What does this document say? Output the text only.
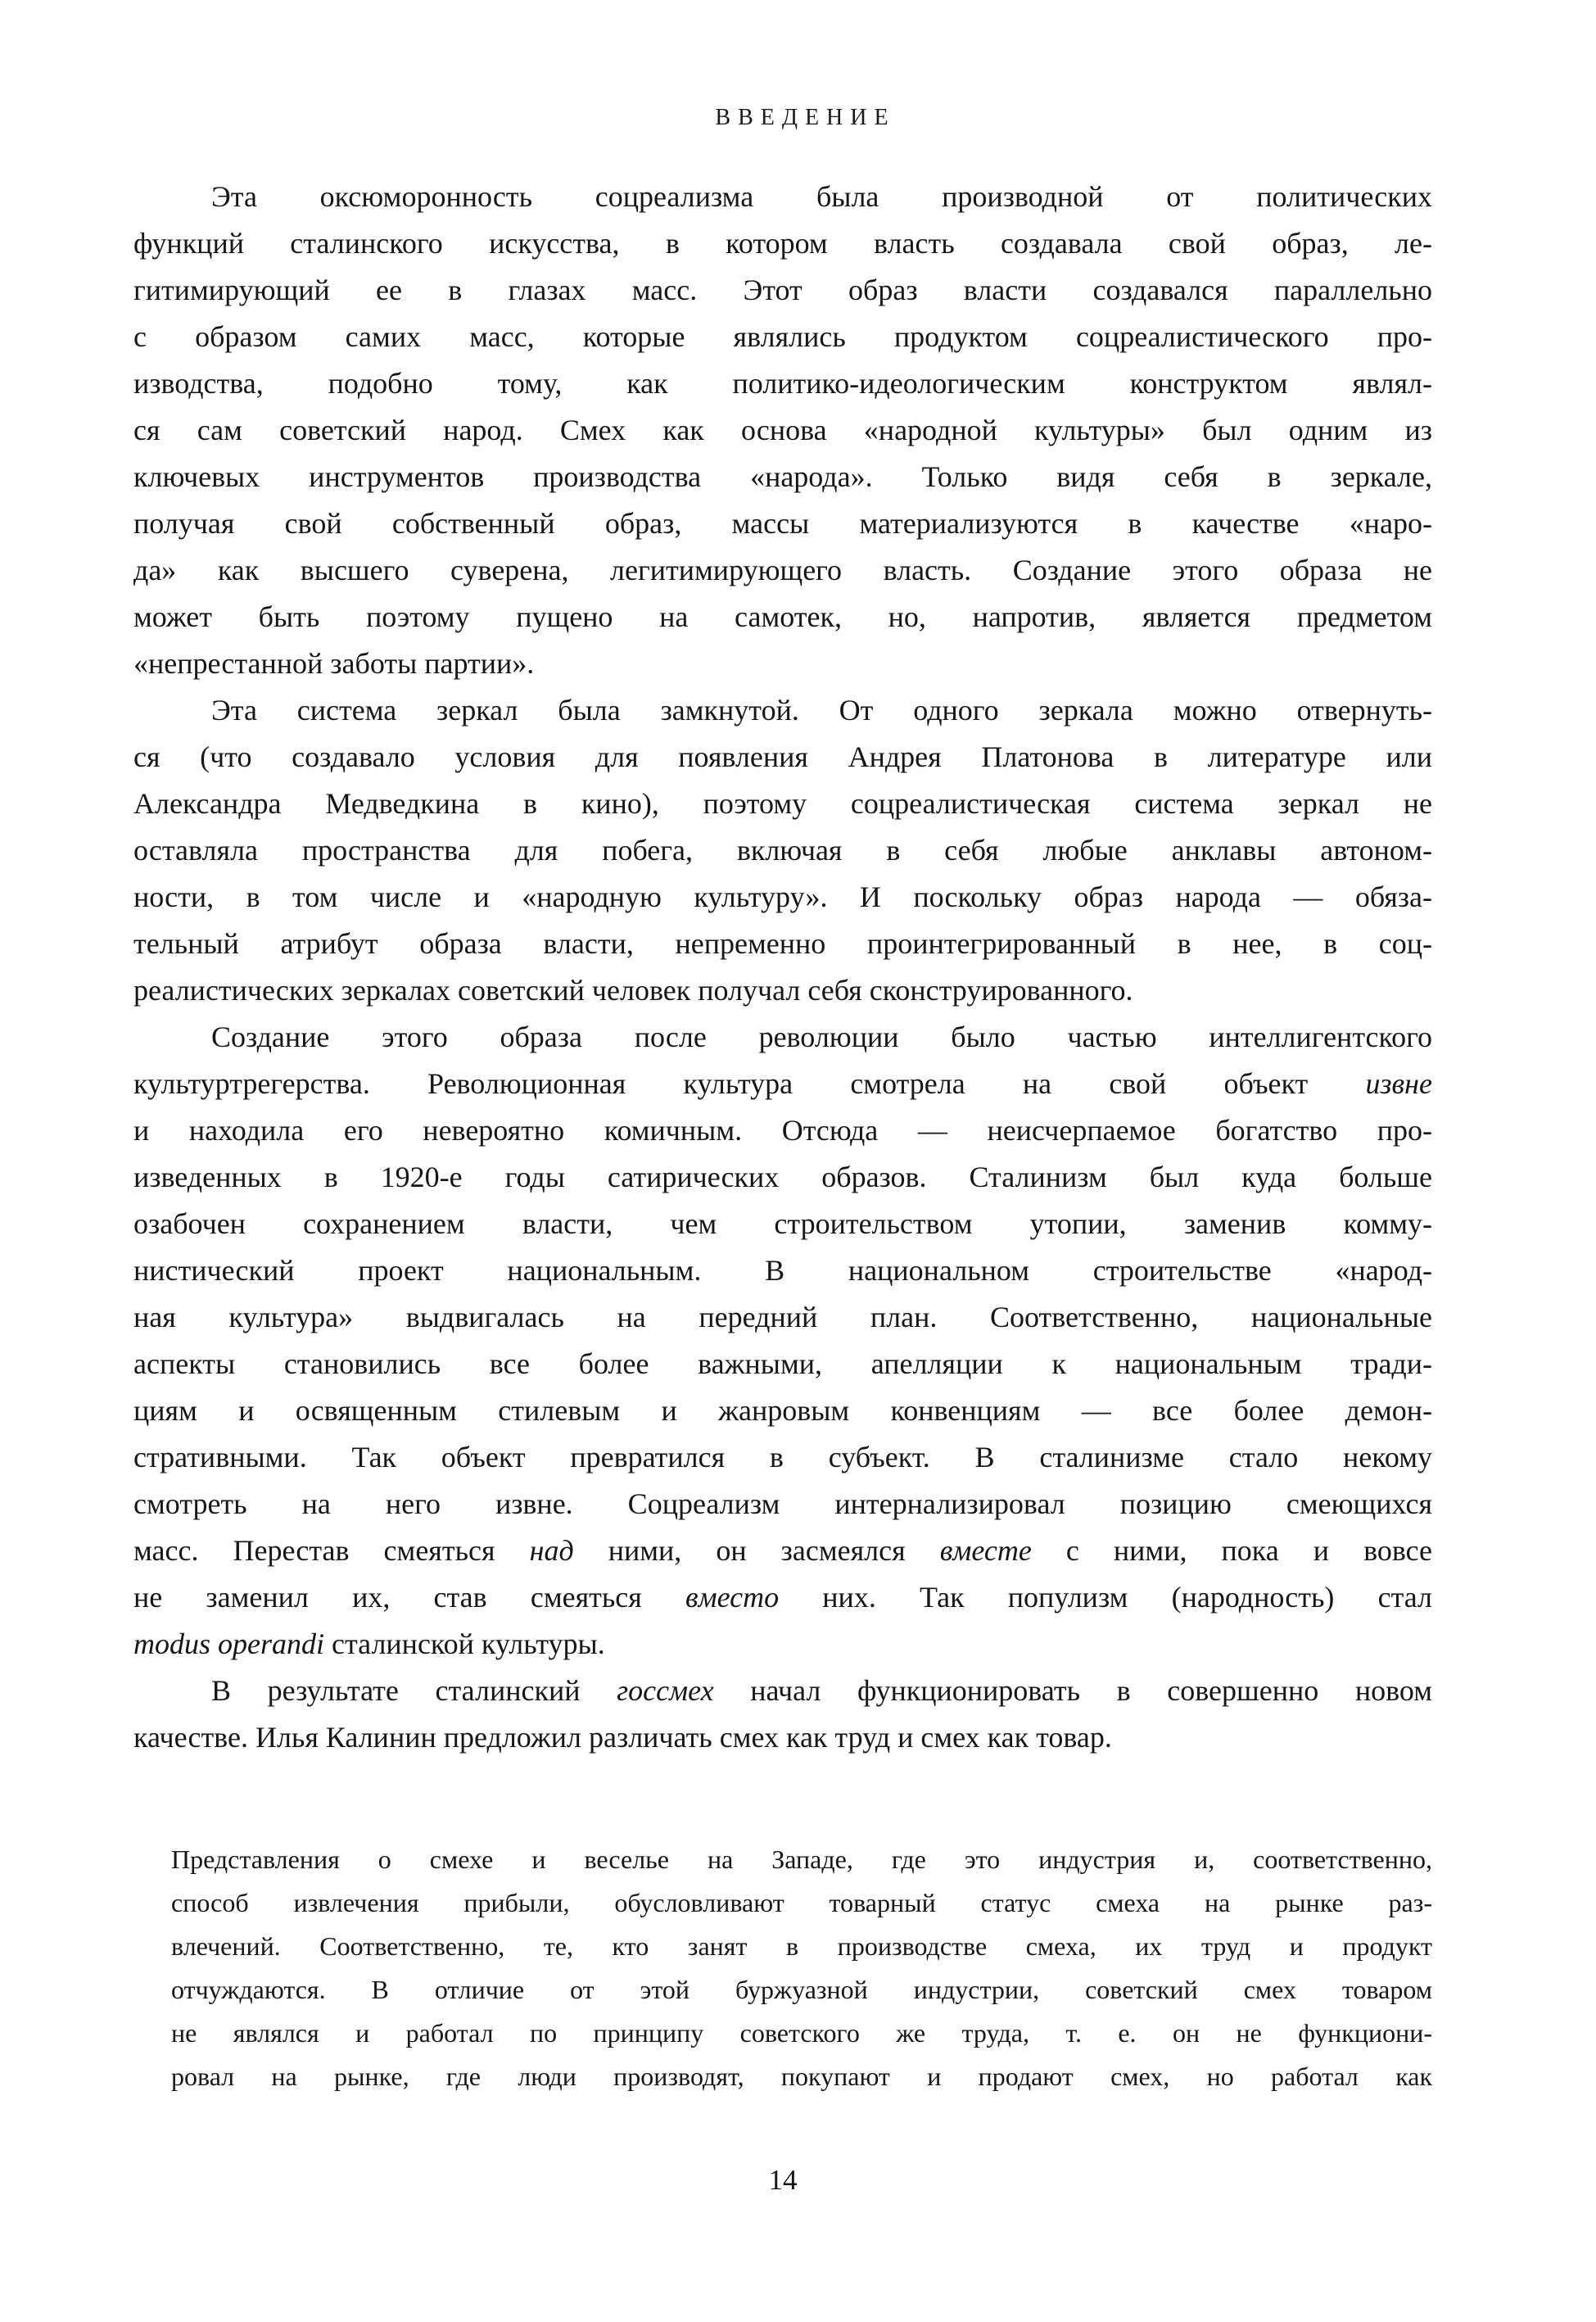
ВВЕДЕНИЕ
Эта оксюморонность соцреализма была производной от политических
функций сталинского искусства, в котором власть создавала свой образ, ле-
гитимирующий ее в глазах масс. Этот образ власти создавался параллельно
с образом самих масс, которые являлись продуктом соцреалистического про-
изводства, подобно тому, как политико-идеологическим конструктом являл-
ся сам советский народ. Смех как основа «народной культуры» был одним из
ключевых инструментов производства «народа». Только видя себя в зеркале,
получая свой собственный образ, массы материализуются в качестве «наро-
да» как высшего суверена, легитимирующего власть. Создание этого образа не
может быть поэтому пущено на самотек, но, напротив, является предметом
«непрестанной заботы партии».
Эта система зеркал была замкнутой. От одного зеркала можно отвернуть-
ся (что создавало условия для появления Андрея Платонова в литературе или
Александра Медведкина в кино), поэтому соцреалистическая система зеркал не
оставляла пространства для побега, включая в себя любые анклавы автоном-
ности, в том числе и «народную культуру». И поскольку образ народа — обяза-
тельный атрибут образа власти, непременно проинтегрированный в нее, в соц-
реалистических зеркалах советский человек получал себя сконструированного.
Создание этого образа после революции было частью интеллигентского
культуртрегерства. Революционная культура смотрела на свой объект извне
и находила его невероятно комичным. Отсюда — неисчерпаемое богатство про-
изведенных в 1920-е годы сатирических образов. Сталинизм был куда больше
озабочен сохранением власти, чем строительством утопии, заменив комму-
нистический проект национальным. В национальном строительстве «народ-
ная культура» выдвигалась на передний план. Соответственно, национальные
аспекты становились все более важными, апелляции к национальным тради-
циям и освященным стилевым и жанровым конвенциям — все более демон-
стративными. Так объект превратился в субъект. В сталинизме стало некому
смотреть на него извне. Соцреализм интернализировал позицию смеющихся
масс. Перестав смеяться над ними, он засмеялся вместе с ними, пока и вовсе
не заменил их, став смеяться вместо них. Так популизм (народность) стал
modus operandi сталинской культуры.
В результате сталинский госсмех начал функционировать в совершенно новом
качестве. Илья Калинин предложил различать смех как труд и смех как товар.
Представления о смехе и веселье на Западе, где это индустрия и, соответственно,
способ извлечения прибыли, обусловливают товарный статус смеха на рынке раз-
влечений. Соответственно, те, кто занят в производстве смеха, их труд и продукт
отчуждаются. В отличие от этой буржуазной индустрии, советский смех товаром
не являлся и работал по принципу советского же труда, т. е. он не функциони-
ровал на рынке, где люди производят, покупают и продают смех, но работал как
14
